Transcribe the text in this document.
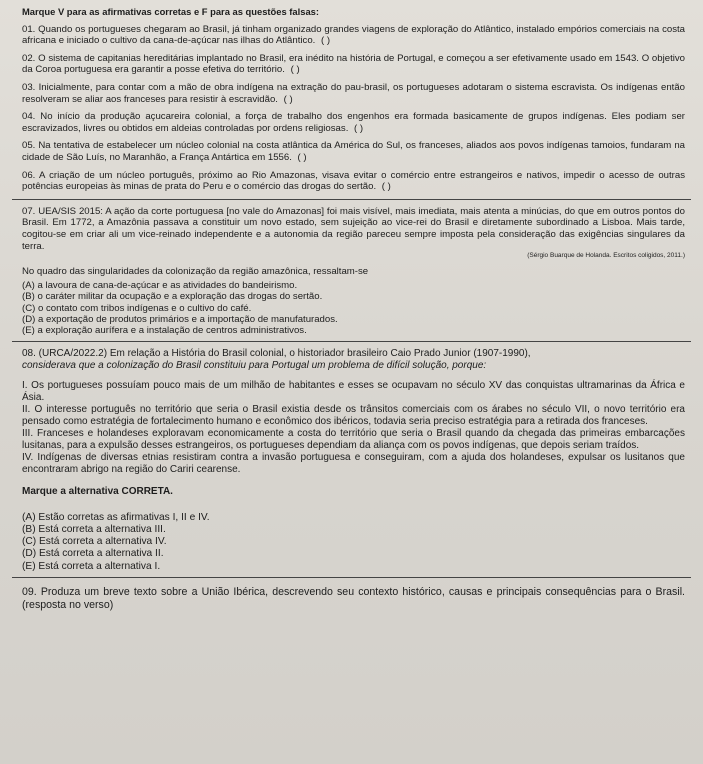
Marque V para as afirmativas corretas e F para as questões falsas:
01. Quando os portugueses chegaram ao Brasil, já tinham organizado grandes viagens de exploração do Atlântico, instalado empórios comerciais na costa africana e iniciado o cultivo da cana-de-açúcar nas ilhas do Atlântico. ( )
02. O sistema de capitanias hereditárias implantado no Brasil, era inédito na história de Portugal, e começou a ser efetivamente usado em 1543. O objetivo da Coroa portuguesa era garantir a posse efetiva do território. ( )
03. Inicialmente, para contar com a mão de obra indígena na extração do pau-brasil, os portugueses adotaram o sistema escravista. Os indígenas então resolveram se aliar aos franceses para resistir à escravidão. ( )
04. No início da produção açucareira colonial, a força de trabalho dos engenhos era formada basicamente de grupos indígenas. Eles podiam ser escravizados, livres ou obtidos em aldeias controladas por ordens religiosas. ( )
05. Na tentativa de estabelecer um núcleo colonial na costa atlântica da América do Sul, os franceses, aliados aos povos indígenas tamoios, fundaram na cidade de São Luís, no Maranhão, a França Antártica em 1556. ( )
06. A criação de um núcleo português, próximo ao Rio Amazonas, visava evitar o comércio entre estrangeiros e nativos, impedir o acesso de outras potências europeias às minas de prata do Peru e o comércio das drogas do sertão. ( )
07. UEA/SIS 2015: A ação da corte portuguesa [no vale do Amazonas] foi mais visível, mais imediata, mais atenta a minúcias, do que em outros pontos do Brasil. Em 1772, a Amazônia passava a constituir um novo estado, sem sujeição ao vice-rei do Brasil e diretamente subordinado a Lisboa. Mais tarde, cogitou-se em criar ali um vice-reinado independente e a autonomia da região pareceu sempre imposta pela consideração das exigências singulares da terra.
(Sérgio Buarque de Holanda. Escritos coligidos, 2011.)
No quadro das singularidades da colonização da região amazônica, ressaltam-se
(A) a lavoura de cana-de-açúcar e as atividades do bandeirismo.
(B) o caráter militar da ocupação e a exploração das drogas do sertão.
(C) o contato com tribos indígenas e o cultivo do café.
(D) a exportação de produtos primários e a importação de manufaturados.
(E) a exploração aurífera e a instalação de centros administrativos.
08. (URCA/2022.2) Em relação a História do Brasil colonial, o historiador brasileiro Caio Prado Junior (1907-1990),
considerava que a colonização do Brasil constituiu para Portugal um problema de difícil solução, porque:
I. Os portugueses possuíam pouco mais de um milhão de habitantes e esses se ocupavam no século XV das conquistas ultramarinas da África e Ásia.
II. O interesse português no território que seria o Brasil existia desde os trânsitos comerciais com os árabes no século VII, o novo território era pensado como estratégia de fortalecimento humano e econômico dos ibéricos, todavia seria preciso estratégia para a retirada dos franceses.
III. Franceses e holandeses exploravam economicamente a costa do território que seria o Brasil quando da chegada das primeiras embarcações lusitanas, para a expulsão desses estrangeiros, os portugueses dependiam da aliança com os povos indígenas, que depois seriam traídos.
IV. Indígenas de diversas etnias resistiram contra a invasão portuguesa e conseguiram, com a ajuda dos holandeses, expulsar os lusitanos que encontraram abrigo na região do Cariri cearense.
Marque a alternativa CORRETA.
(A) Estão corretas as afirmativas I, II e IV.
(B) Está correta a alternativa III.
(C) Está correta a alternativa IV.
(D) Está correta a alternativa II.
(E) Está correta a alternativa I.
09. Produza um breve texto sobre a União Ibérica, descrevendo seu contexto histórico, causas e principais consequências para o Brasil. (resposta no verso)
